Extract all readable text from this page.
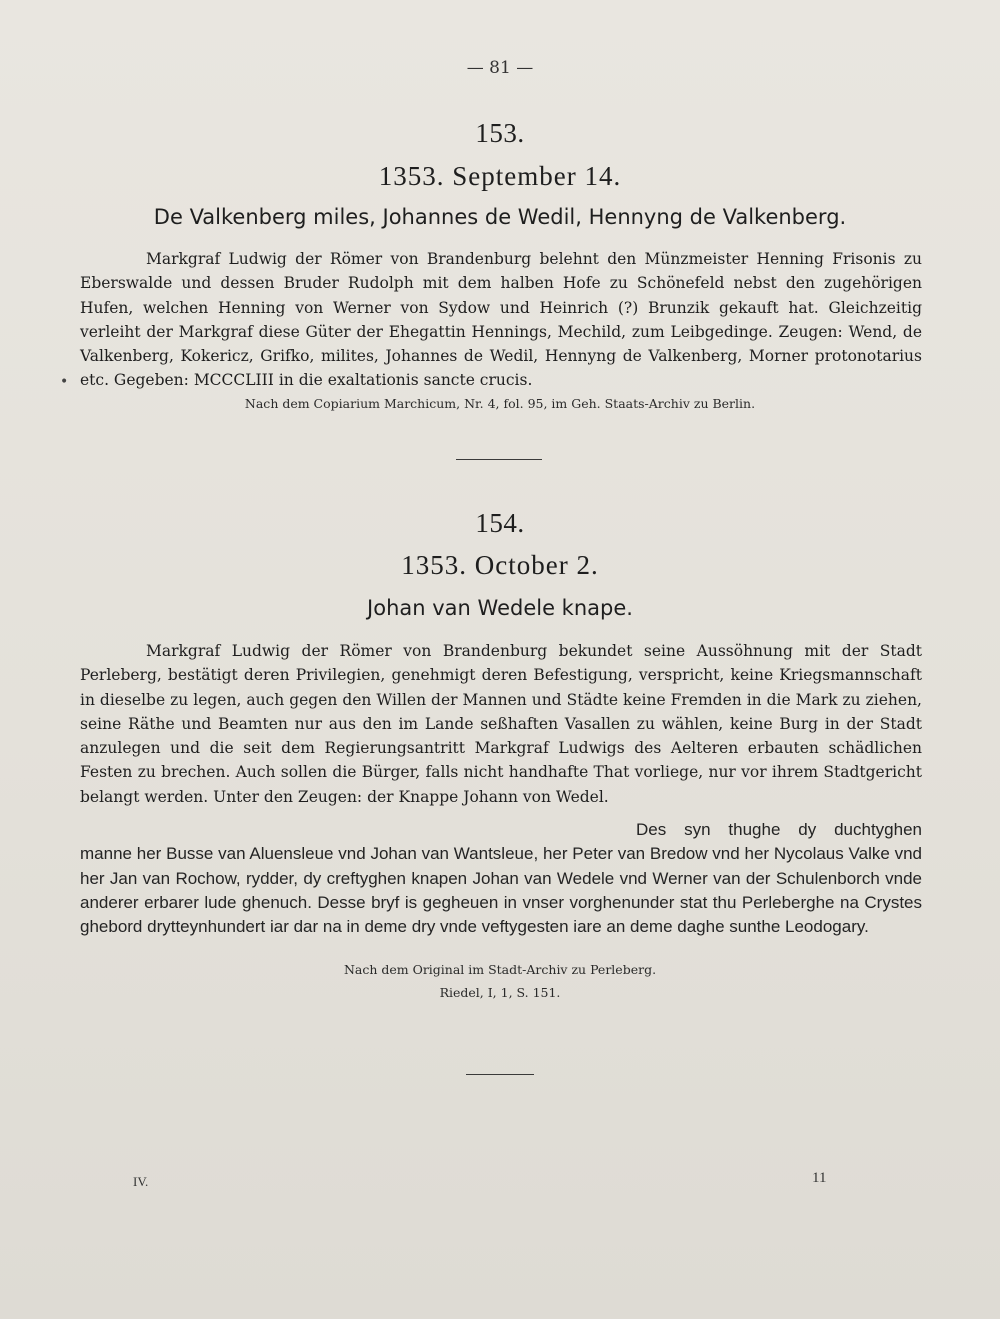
— 81 —
153.
1353. September 14.
De Valkenberg miles, Johannes de Wedil, Hennyng de Valkenberg.

Markgraf Ludwig der Römer von Brandenburg belehnt den Münzmeister Henning Frisonis zu Eberswalde und dessen Bruder Rudolph mit dem halben Hofe zu Schönefeld nebst den zugehörigen Hufen, welchen Henning von Werner von Sydow und Heinrich (?) Brunzik gekauft hat. Gleichzeitig verleiht der Markgraf diese Güter der Ehegattin Hennings, Mechild, zum Leibgedinge. Zeugen: Wend, de Valkenberg, Kokericz, Grifko, milites, Johannes de Wedil, Hennyng de Valkenberg, Morner protonotarius etc. Gegeben: MCCCLIII in die exaltationis sancte crucis.

Nach dem Copiarium Marchicum, Nr. 4, fol. 95, im Geh. Staats-Archiv zu Berlin.
•
154.
1353. October 2.
Johan van Wedele knape.

Markgraf Ludwig der Römer von Brandenburg bekundet seine Aussöhnung mit der Stadt Perleberg, bestätigt deren Privilegien, genehmigt deren Befestigung, verspricht, keine Kriegsmannschaft in dieselbe zu legen, auch gegen den Willen der Mannen und Städte keine Fremden in die Mark zu ziehen, seine Räthe und Beamten nur aus den im Lande seßhaften Vasallen zu wählen, keine Burg in der Stadt anzulegen und die seit dem Regierungsantritt Markgraf Ludwigs des Aelteren erbauten schädlichen Festen zu brechen. Auch sollen die Bürger, falls nicht handhafte That vorliege, nur vor ihrem Stadtgericht belangt werden. Unter den Zeugen: der Knappe Johann von Wedel.

Des syn thughe dy duchtyghen manne her Busse van Aluensleue vnd Johan van Wantsleue, her Peter van Bredow vnd her Nycolaus Valke vnd her Jan van Rochow, rydder, dy creftyghen knapen Johan van Wedele vnd Werner van der Schulenborch vnde anderer erbarer lude ghenuch. Desse bryf is gegheuen in vnser vorghenunder stat thu Perleberghe na Crystes ghebord drytteynhundert iar dar na in deme dry vnde veftygesten iare an deme daghe sunthe Leodogary.

Nach dem Original im Stadt-Archiv zu Perleberg.
Riedel, I, 1, S. 151.
IV.	11
